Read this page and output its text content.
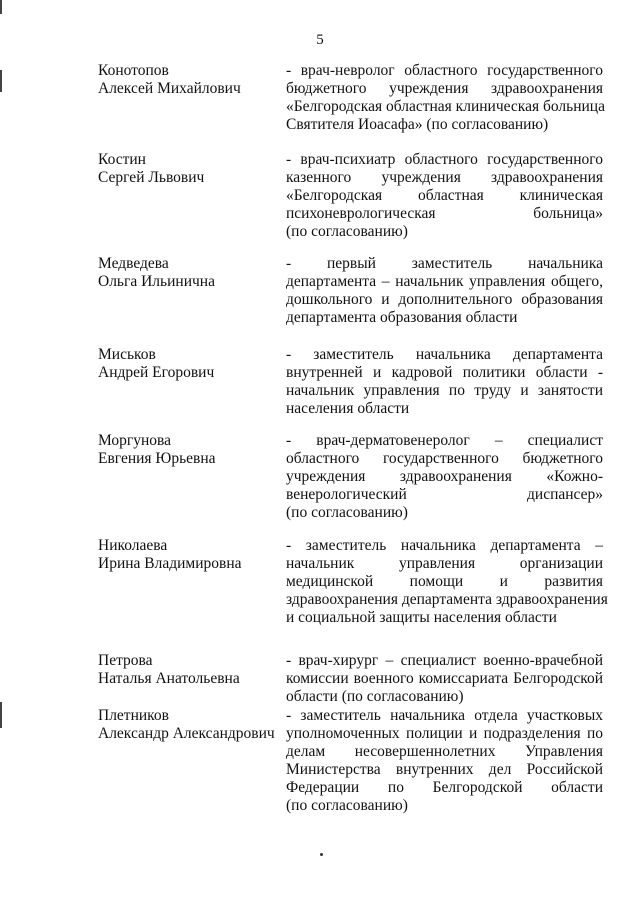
5
Конотопов
Алексей Михайлович
- врач-невролог областного государственного
бюджетного учреждения здравоохранения
«Белгородская областная клиническая больница
Святителя Иоасафа» (по согласованию)
Костин
Сергей Львович
- врач-психиатр областного государственного
казенного учреждения здравоохранения
«Белгородская областная клиническая
психоневрологическая больница»
(по согласованию)
Медведева
Ольга Ильинична
- первый заместитель начальника
департамента – начальник управления общего,
дошкольного и дополнительного образования
департамента образования области
Миськов
Андрей Егорович
- заместитель начальника департамента
внутренней и кадровой политики области -
начальник управления по труду и занятости
населения области
Моргунова
Евгения Юрьевна
- врач-дерматовенеролог – специалист
областного государственного бюджетного
учреждения здравоохранения «Кожно-
венерологический диспансер»
(по согласованию)
Николаева
Ирина Владимировна
- заместитель начальника департамента –
начальник управления организации
медицинской помощи и развития
здравоохранения департамента здравоохранения
и социальной защиты населения области
Петрова
Наталья Анатольевна
- врач-хирург – специалист военно-врачебной
комиссии военного комиссариата Белгородской
области (по согласованию)
Плетников
Александр Александрович
- заместитель начальника отдела участковых
уполномоченных полиции и подразделения по
делам несовершеннолетних Управления
Министерства внутренних дел Российской
Федерации по Белгородской области
(по согласованию)
